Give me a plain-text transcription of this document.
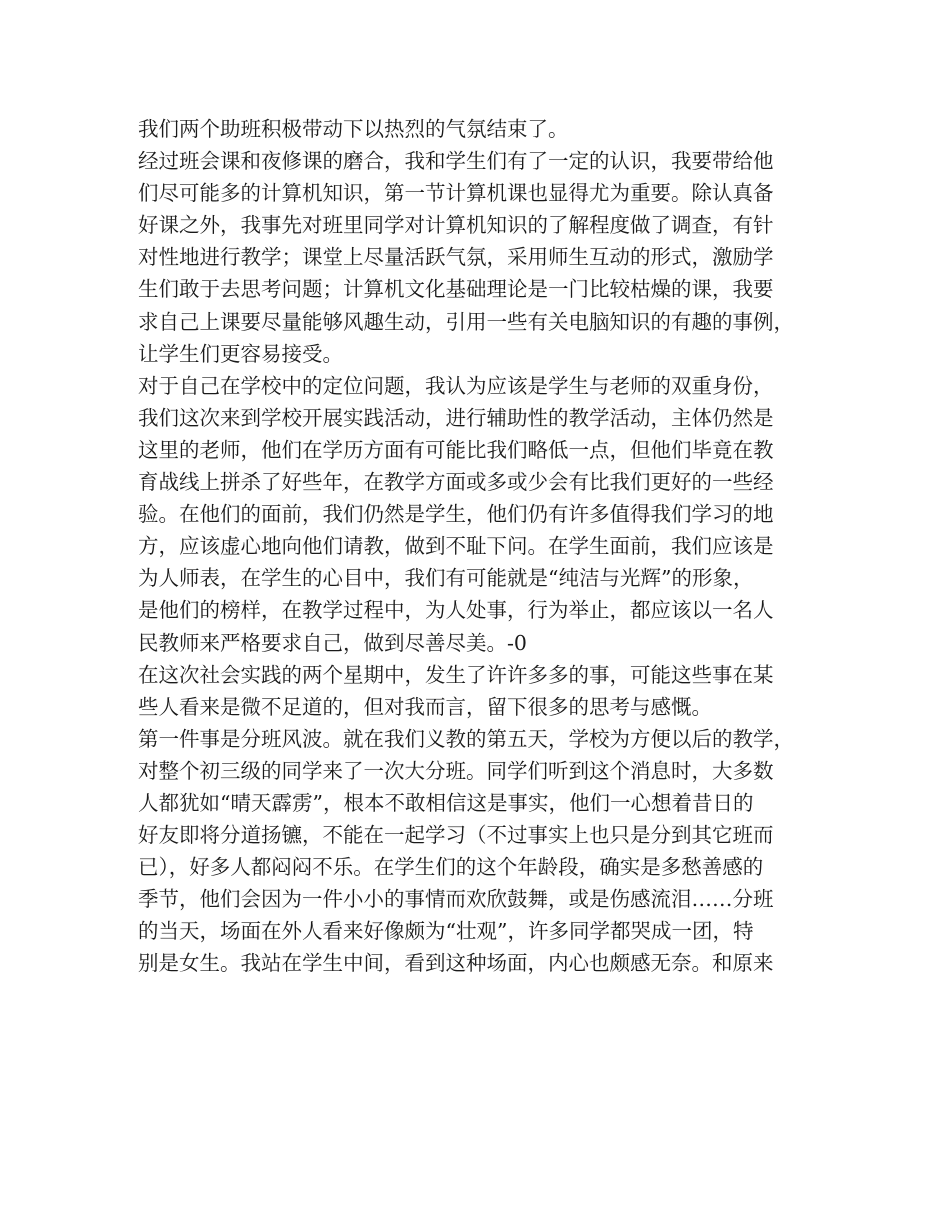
我们两个助班积极带动下以热烈的气氛结束了。
经过班会课和夜修课的磨合，我和学生们有了一定的认识，我要带给他
们尽可能多的计算机知识，第一节计算机课也显得尤为重要。除认真备
好课之外，我事先对班里同学对计算机知识的了解程度做了调查，有针
对性地进行教学；课堂上尽量活跃气氛，采用师生互动的形式，激励学
生们敢于去思考问题；计算机文化基础理论是一门比较枯燥的课，我要
求自己上课要尽量能够风趣生动，引用一些有关电脑知识的有趣的事例，
让学生们更容易接受。
对于自己在学校中的定位问题，我认为应该是学生与老师的双重身份，
我们这次来到学校开展实践活动，进行辅助性的教学活动，主体仍然是
这里的老师，他们在学历方面有可能比我们略低一点，但他们毕竟在教
育战线上拼杀了好些年，在教学方面或多或少会有比我们更好的一些经
验。在他们的面前，我们仍然是学生，他们仍有许多值得我们学习的地
方，应该虚心地向他们请教，做到不耻下问。在学生面前，我们应该是
为人师表，在学生的心目中，我们有可能就是“纯洁与光辉”的形象，
是他们的榜样，在教学过程中，为人处事，行为举止，都应该以一名人
民教师来严格要求自己，做到尽善尽美。-0
在这次社会实践的两个星期中，发生了许许多多的事，可能这些事在某
些人看来是微不足道的，但对我而言，留下很多的思考与感慨。
第一件事是分班风波。就在我们义教的第五天，学校为方便以后的教学，
对整个初三级的同学来了一次大分班。同学们听到这个消息时，大多数
人都犹如“晴天霹雳”，根本不敢相信这是事实，他们一心想着昔日的
好友即将分道扬镳，不能在一起学习（不过事实上也只是分到其它班而
已），好多人都闷闷不乐。在学生们的这个年龄段，确实是多愁善感的
季节，他们会因为一件小小的事情而欢欣鼓舞，或是伤感流泪……分班
的当天，场面在外人看来好像颇为“壮观”，许多同学都哭成一团，特
别是女生。我站在学生中间，看到这种场面，内心也颇感无奈。和原来
